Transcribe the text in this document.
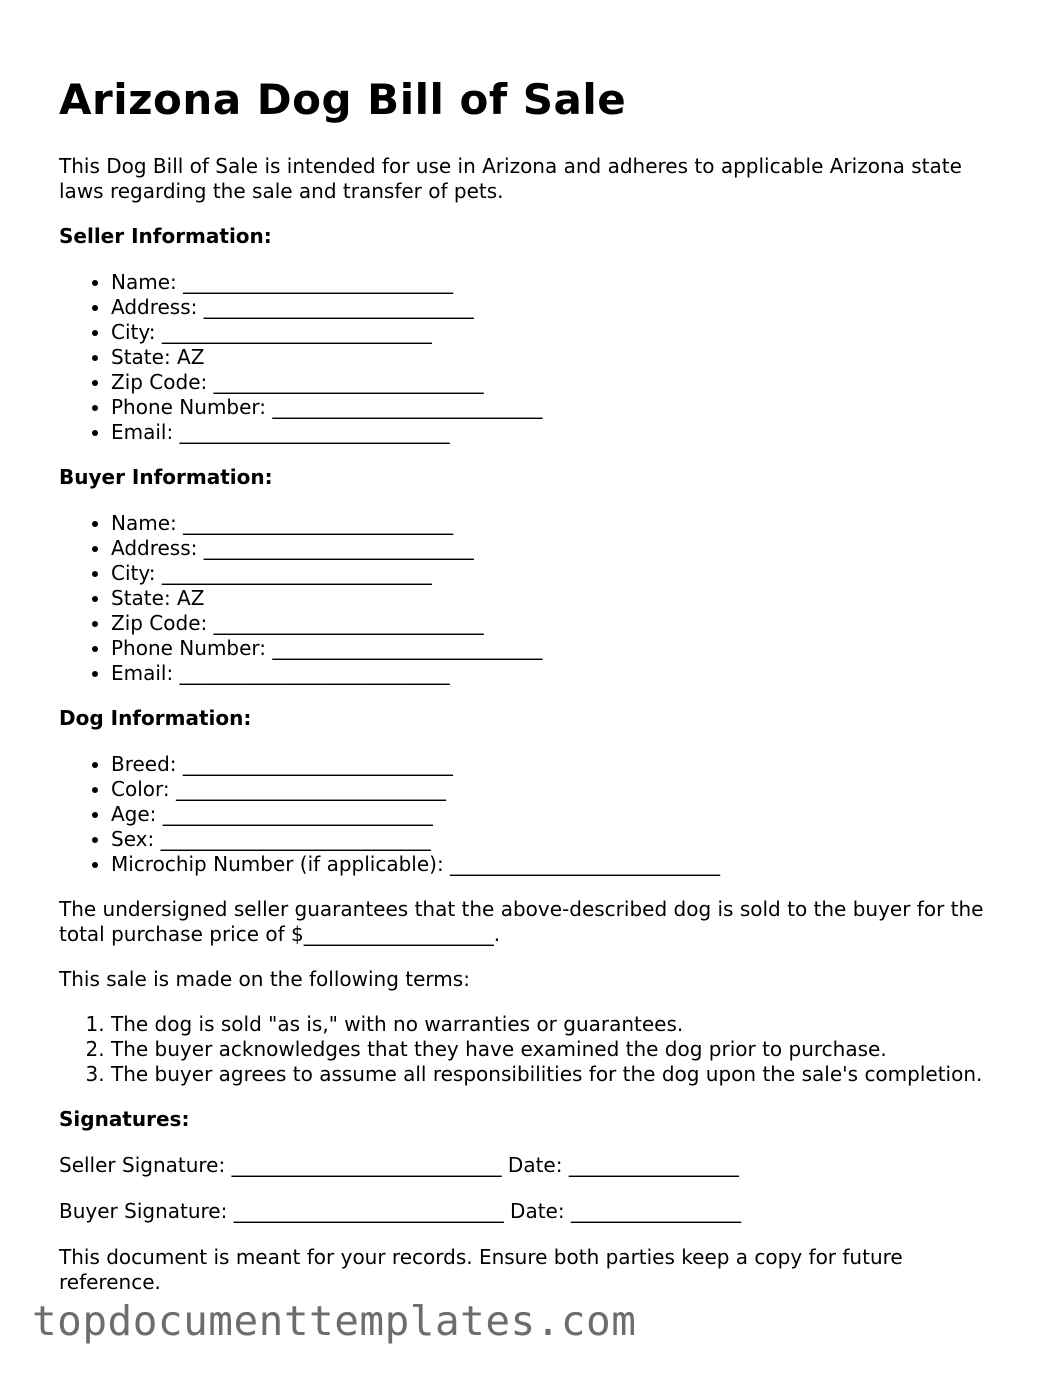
Arizona Dog Bill of Sale

This Dog Bill of Sale is intended for use in Arizona and adheres to applicable Arizona state laws regarding the sale and transfer of pets.

Seller Information:

• Name: ___________________________
• Address: ___________________________
• City: ___________________________
• State: AZ
• Zip Code: ___________________________
• Phone Number: ___________________________
• Email: ___________________________

Buyer Information:

• Name: ___________________________
• Address: ___________________________
• City: ___________________________
• State: AZ
• Zip Code: ___________________________
• Phone Number: ___________________________
• Email: ___________________________

Dog Information:

• Breed: ___________________________
• Color: ___________________________
• Age: ___________________________
• Sex: ___________________________
• Microchip Number (if applicable): ___________________________

The undersigned seller guarantees that the above-described dog is sold to the buyer for the total purchase price of $___________________.

This sale is made on the following terms:

1. The dog is sold "as is," with no warranties or guarantees.
2. The buyer acknowledges that they have examined the dog prior to purchase.
3. The buyer agrees to assume all responsibilities for the dog upon the sale's completion.

Signatures:

Seller Signature: ___________________________ Date: _________________

Buyer Signature: ___________________________ Date: _________________

This document is meant for your records. Ensure both parties keep a copy for future reference.

topdocumenttemplates.com
